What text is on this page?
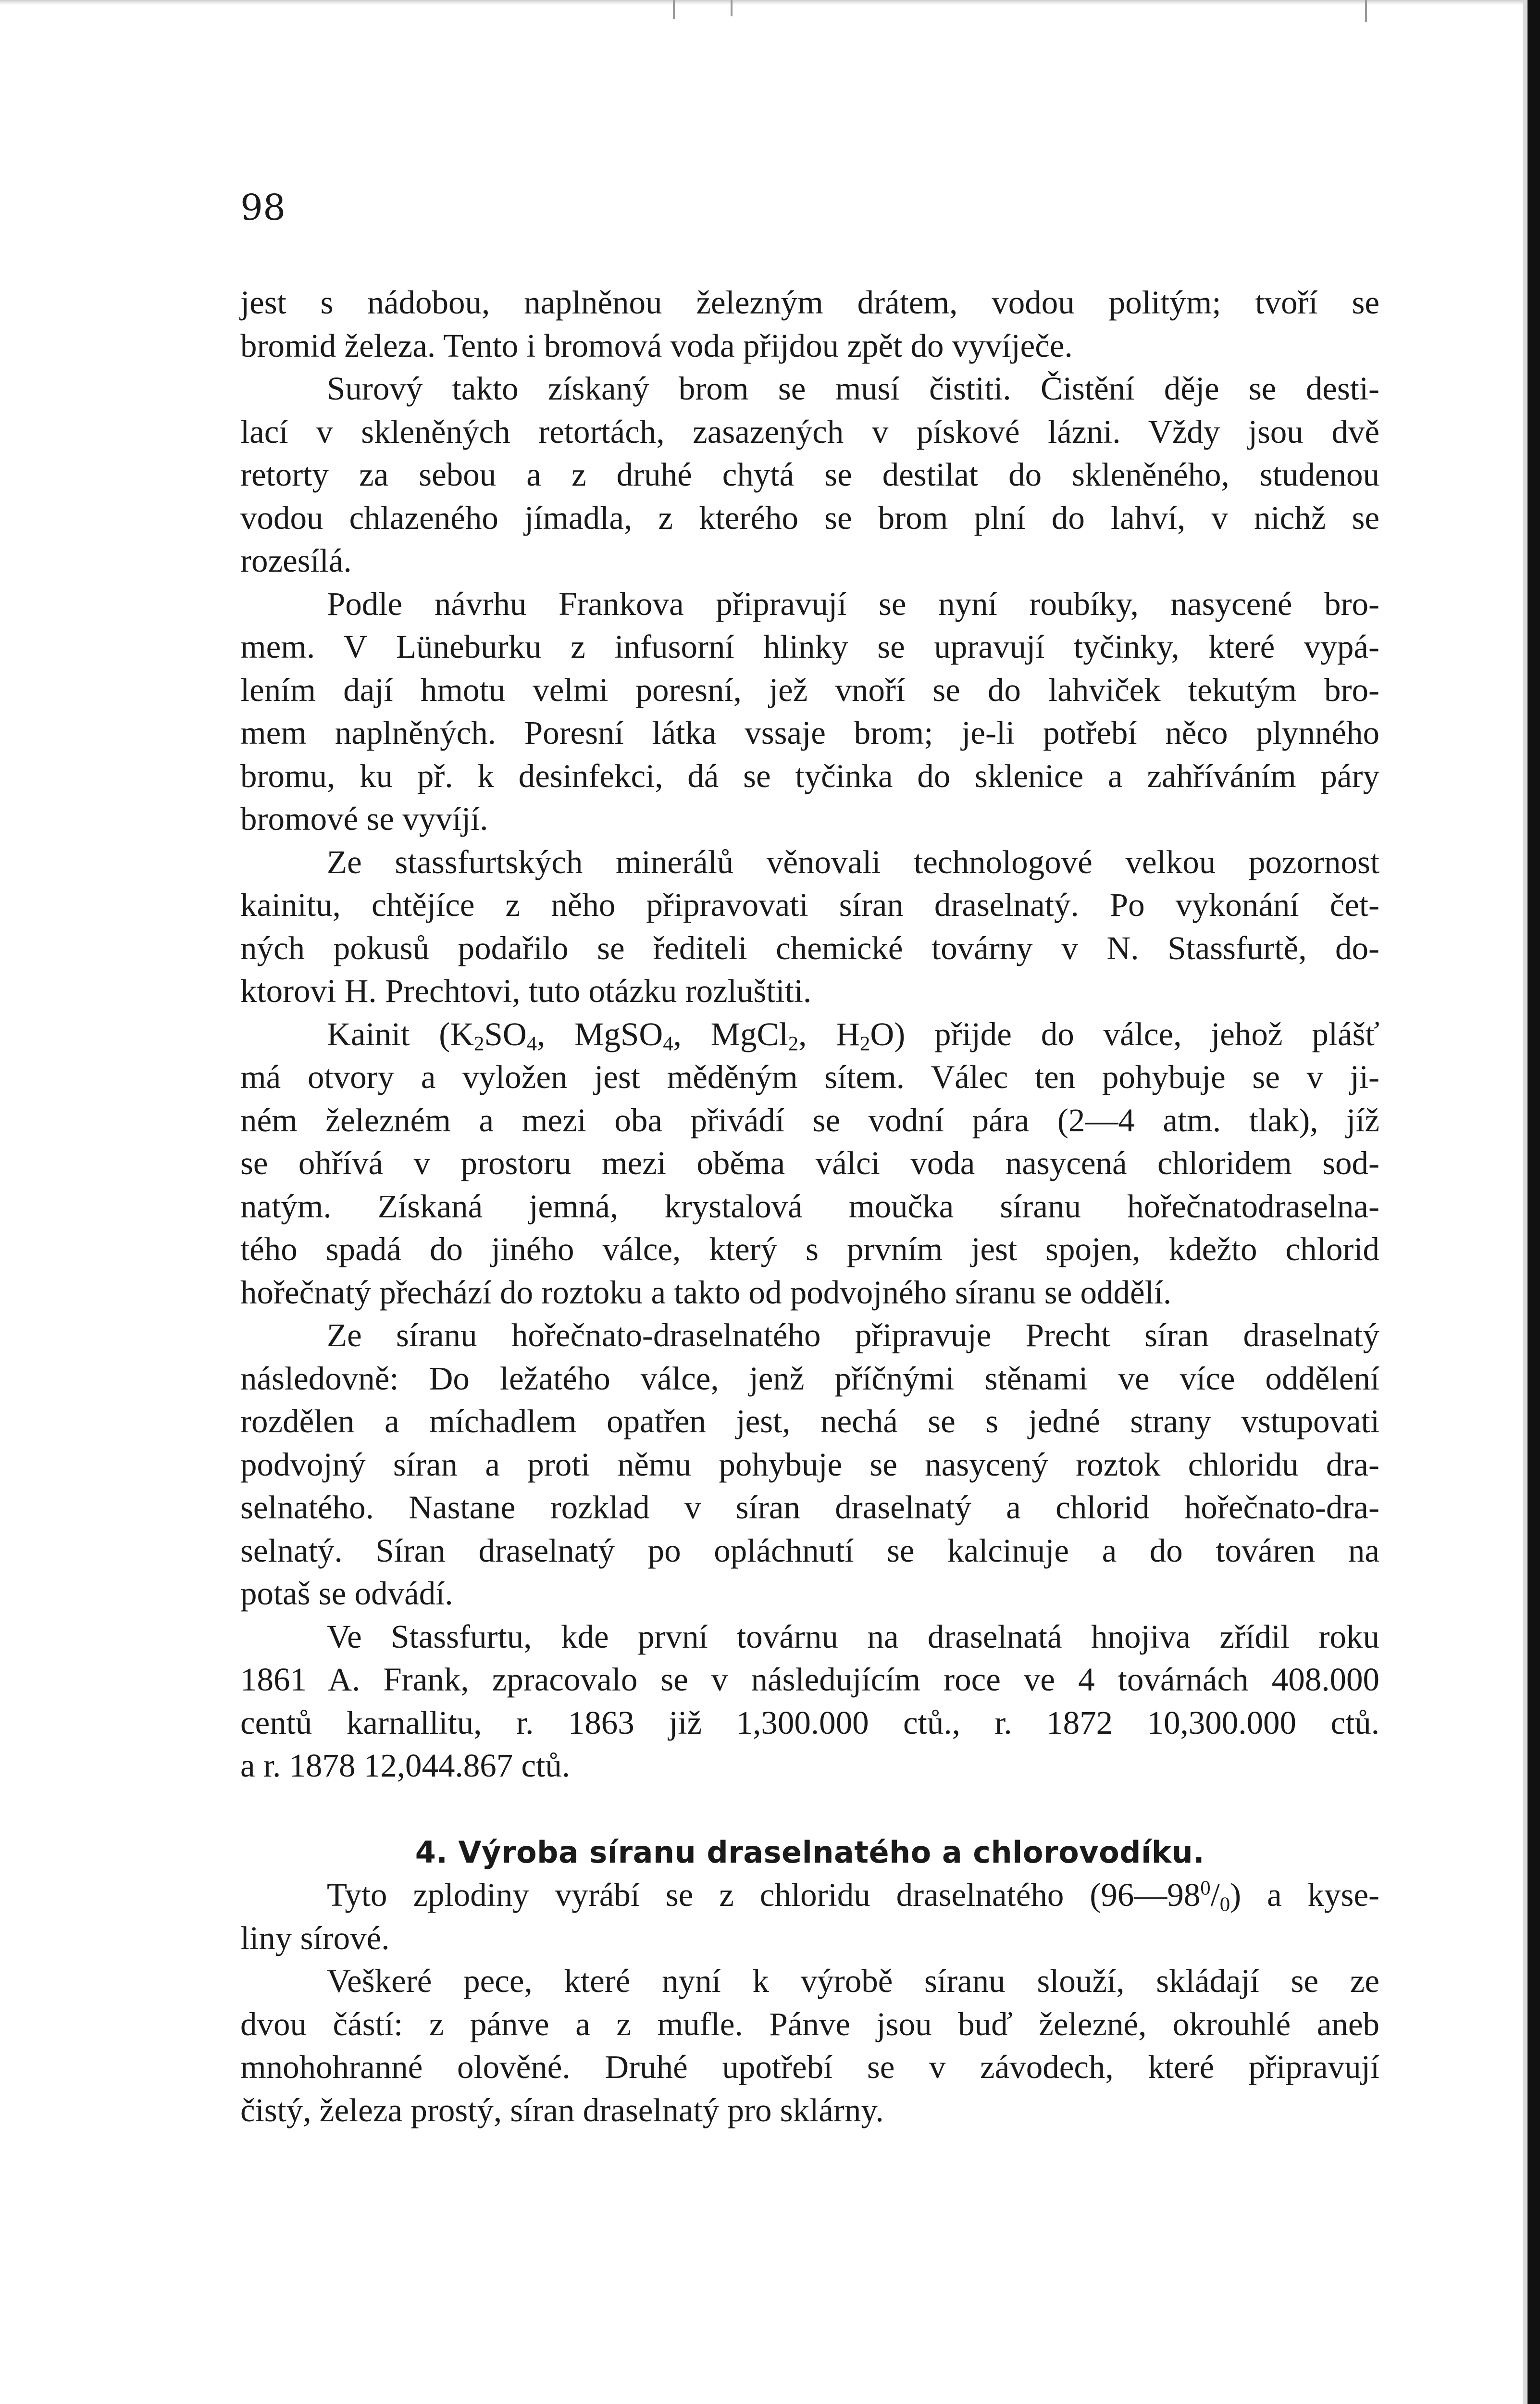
98

jest s nádobou, naplněnou železným drátem, vodou politým; tvoří se
bromid železa. Tento i bromová voda přijdou zpět do vyvíječe.
Surový takto získaný brom se musí čistiti. Čistění děje se desti-
lací v skleněných retortách, zasazených v pískové lázni. Vždy jsou dvě
retorty za sebou a z druhé chytá se destilat do skleněného, studenou
vodou chlazeného jímadla, z kterého se brom plní do lahví, v nichž se
rozesílá.
Podle návrhu Frankova připravují se nyní roubíky, nasycené bro-
mem. V Lüneburku z infusorní hlinky se upravují tyčinky, které vypá-
lením dají hmotu velmi poresní, jež vnoří se do lahviček tekutým bro-
mem naplněných. Poresní látka vssaje brom; je-li potřebí něco plynného
bromu, ku př. k desinfekci, dá se tyčinka do sklenice a zahříváním páry
bromové se vyvíjí.
Ze stassfurtských minerálů věnovali technologové velkou pozornost
kainitu, chtějíce z něho připravovati síran draselnatý. Po vykonání čet-
ných pokusů podařilo se řediteli chemické továrny v N. Stassfurtě, do-
ktorovi H. Prechtovi, tuto otázku rozluštiti.
Kainit ($K_2SO_4$, MgSO$_4$, MgCl$_2$, $H_2O$) přijde do válce, jehož plášť
má otvory a vyložen jest měděným sítem. Válec ten pohybuje se v ji-
ném železném a mezi oba přivádí se vodní pára (2—4 atm. tlak), jíž
se ohřívá v prostoru mezi oběma válci voda nasycená chloridem sod-
natým. Získaná jemná, krystalová moučka síranu hořečnatodraselna-
tého spadá do jiného válce, který s prvním jest spojen, kdežto chlorid
hořečnatý přechází do roztoku a takto od podvojného síranu se oddělí.
Ze síranu hořečnato-draselnatého připravuje Precht síran draselnatý
následovně: Do ležatého válce, jenž příčnými stěnami ve více oddělení
rozdělen a míchadlem opatřen jest, nechá se s jedné strany vstupovati
podvojný síran a proti němu pohybuje se nasycený roztok chloridu dra-
selnatého. Nastane rozklad v síran draselnatý a chlorid hořečnato-dra-
selnatý. Síran draselnatý po opláchnutí se kalcinuje a do továren na
potaš se odvádí.
Ve Stassfurtu, kde první továrnu na draselnatá hnojiva zřídil roku
1861 A. Frank, zpracovalo se v následujícím roce ve 4 továrnách 408.000
centů karnallitu, r. 1863 již 1,300.000 ctů., r. 1872 10,300.000 ctů.
a r. 1878 12,044.867 ctů.
4. Výroba síranu draselnatého a chlorovodíku.
Tyto zplodiny vyrábí se z chloridu draselnatého $(96—98^0/_0)$ a kyse-
liny sírové.
Veškeré pece, které nyní k výrobě síranu slouží, skládají se ze
dvou částí: z pánve a z mufle. Pánve jsou buď železné, okrouhlé aneb
mnohohranné olověné. Druhé upotřebí se v závodech, které připravují
čistý, železa prostý, síran draselnatý pro sklárny.
